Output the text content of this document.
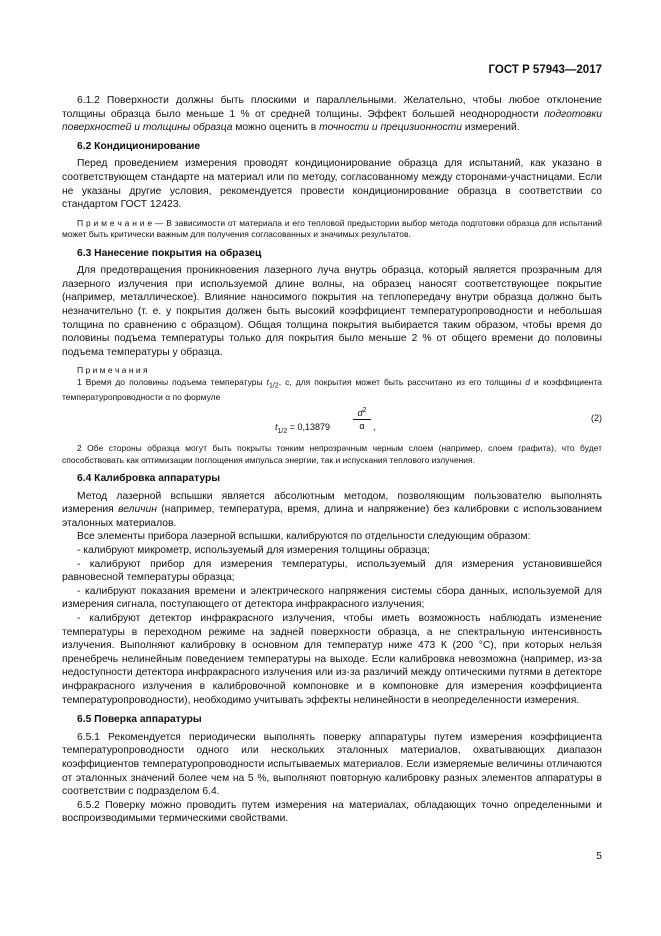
ГОСТ Р 57943—2017

6.1.2 Поверхности должны быть плоскими и параллельными. Желательно, чтобы любое отклонение толщины образца было меньше 1 % от средней толщины. Эффект большей неоднородности подготовки поверхностей и толщины образца можно оценить в точности и прецизионности измерений.

6.2 Кондиционирование

Перед проведением измерения проводят кондиционирование образца для испытаний, как указано в соответствующем стандарте на материал или по методу, согласованному между сторонами-участницами. Если не указаны другие условия, рекомендуется провести кондиционирование образца в соответствии со стандартом ГОСТ 12423.

П р и м е ч а н и е — В зависимости от материала и его тепловой предыстории выбор метода подготовки образца для испытаний может быть критически важным для получения согласованных и значимых результатов.

6.3 Нанесение покрытия на образец

Для предотвращения проникновения лазерного луча внутрь образца, который является прозрачным для лазерного излучения при используемой длине волны, на образец наносят соответствующее покрытие (например, металлическое). Влияние наносимого покрытия на теплопередачу внутри образца должно быть незначительно (т. е. у покрытия должен быть высокий коэффициент температуропроводности и небольшая толщина по сравнению с образцом). Общая толщина покрытия выбирается таким образом, чтобы время до половины подъема температуры только для покрытия было меньше 2 % от общего времени до половины подъема температуры у образца.

П р и м е ч а н и я

1 Время до половины подъема температуры $t_{1/2}$, c, для покрытия может быть рассчитано из его толщины d и коэффициента температуропроводности α по формуле

$t_{1/2} = 0,13879$	$\frac{d^2}{\alpha}$ ,
(2)

2 Обе стороны образца могут быть покрыты тонким непрозрачным черным слоем (например, слоем графита), что будет способствовать как оптимизации поглощения импульса энергии, так и испускания теплового излучения.

6.4 Калибровка аппаратуры

Метод лазерной вспышки является абсолютным методом, позволяющим пользователю выполнять измерения величин (например, температура, время, длина и напряжение) без калибровки с использованием эталонных материалов.

Все элементы прибора лазерной вспышки, калибруются по отдельности следующим образом:

- калибруют микрометр, используемый для измерения толщины образца;

- калибруют прибор для измерения температуры, используемый для измерения установившейся равновесной температуры образца;

- калибруют показания времени и электрического напряжения системы сбора данных, используемой для измерения сигнала, поступающего от детектора инфракрасного излучения;

- калибруют детектор инфракрасного излучения, чтобы иметь возможность наблюдать изменение температуры в переходном режиме на задней поверхности образца, а не спектральную интенсивность излучения. Выполняют калибровку в основном для температур ниже 473 К (200 °С), при которых нельзя пренебречь нелинейным поведением температуры на выходе. Если калибровка невозможна (например, из-за недоступности детектора инфракрасного излучения или из-за различий между оптическими путями в детекторе инфракрасного излучения в калибровочной компоновке и в компоновке для измерения коэффициента температуропроводности), необходимо учитывать эффекты нелинейности в неопределенности измерения.

6.5 Поверка аппаратуры

6.5.1 Рекомендуется периодически выполнять поверку аппаратуры путем измерения коэффициента температуропроводности одного или нескольких эталонных материалов, охватывающих диапазон коэффициентов температуропроводности испытываемых материалов. Если измеряемые величины отличаются от эталонных значений более чем на 5 %, выполняют повторную калибровку разных элементов аппаратуры в соответствии с подразделом 6.4.

6.5.2 Поверку можно проводить путем измерения на материалах, обладающих точно определенными и воспроизводимыми термическими свойствами.

5
